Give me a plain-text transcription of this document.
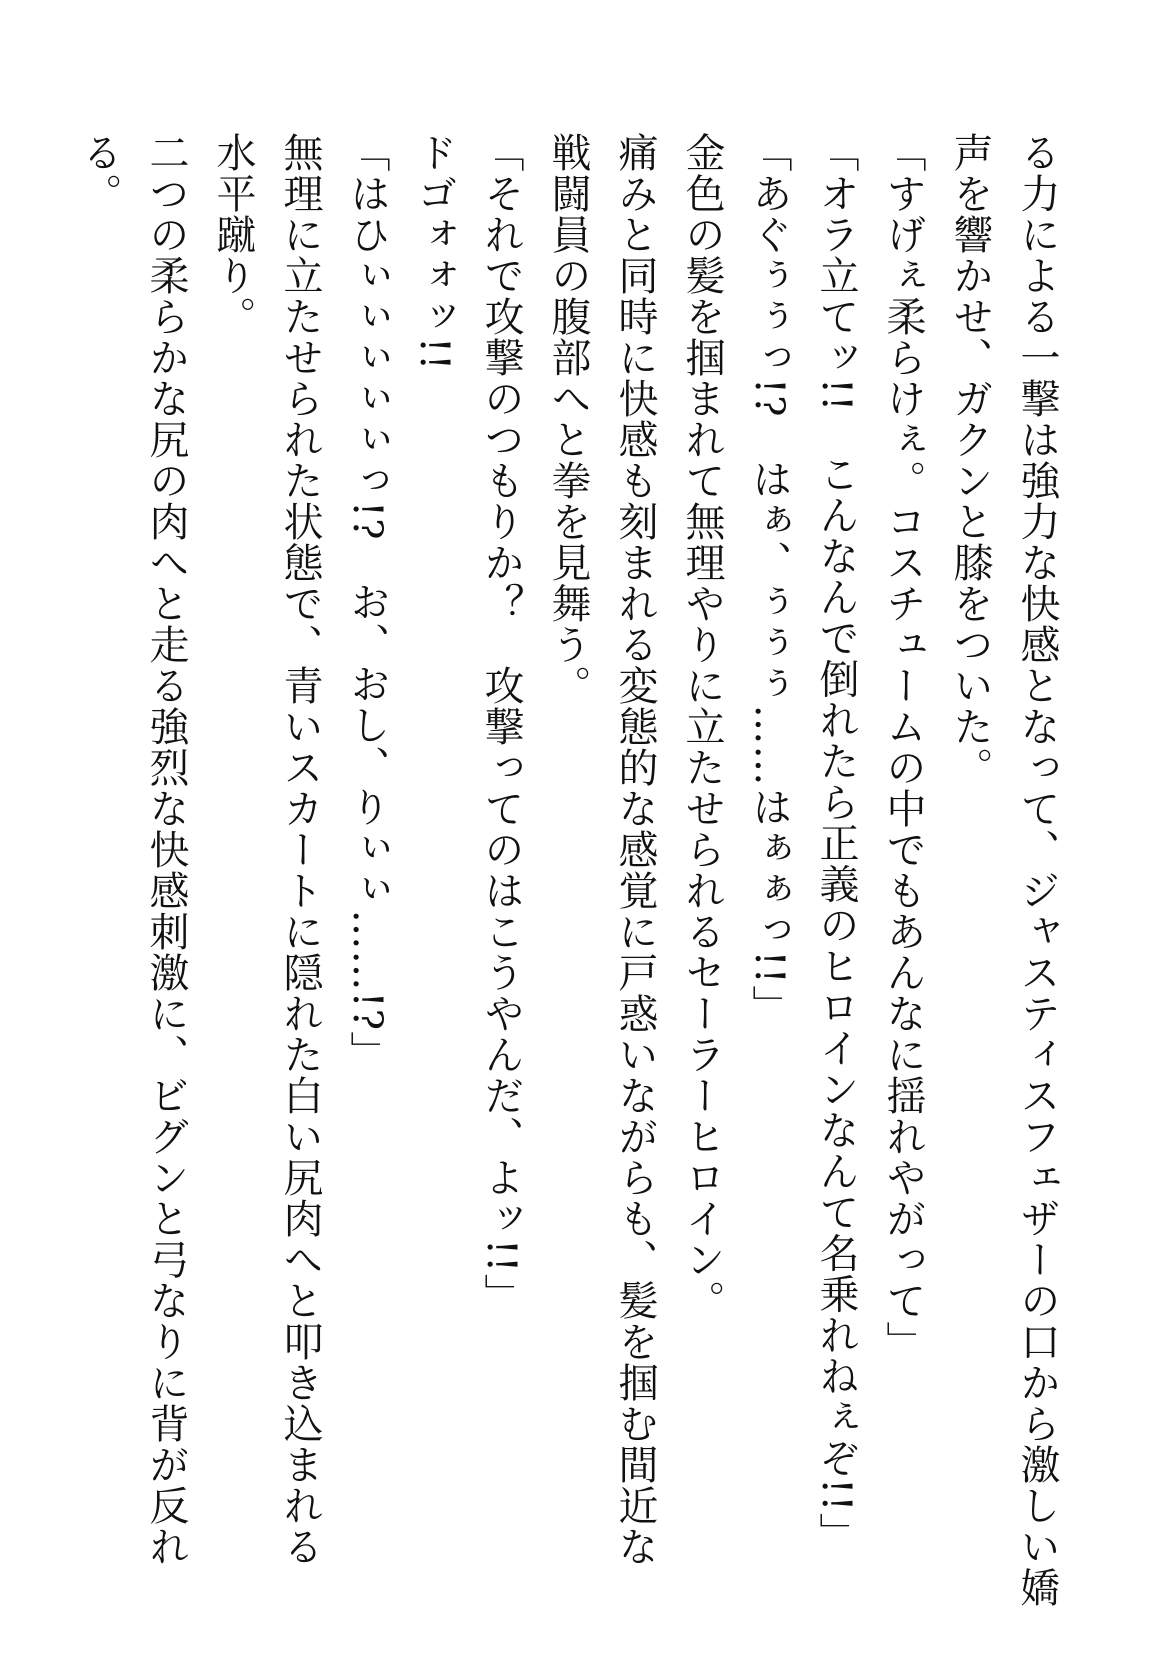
る力による一撃は強力な快感となって、ジャスティスフェザーの口から激しい嬌
声を響かせ、ガクンと膝をついた。
「すげぇ柔らけぇ。コスチュームの中でもあんなに揺れやがって」
「オラ立てッ!!　こんなんで倒れたら正義のヒロインなんて名乗れねぇぞ!!」
「あぐぅぅっ!?　はぁ、ぅぅぅ……はぁぁっ!!」
金色の髪を掴まれて無理やりに立たせられるセーラーヒロイン。
痛みと同時に快感も刻まれる変態的な感覚に戸惑いながらも、髪を掴む間近な
戦闘員の腹部へと拳を見舞う。
「それで攻撃のつもりか？　攻撃ってのはこうやんだ、よッ!!」
ドゴォォッ!!
「はひぃぃぃぃぃっ!?　お、おし、りぃぃ……!?」
無理に立たせられた状態で、青いスカートに隠れた白い尻肉へと叩き込まれる
水平蹴り。
二つの柔らかな尻の肉へと走る強烈な快感刺激に、ビグンと弓なりに背が反れ
る。
